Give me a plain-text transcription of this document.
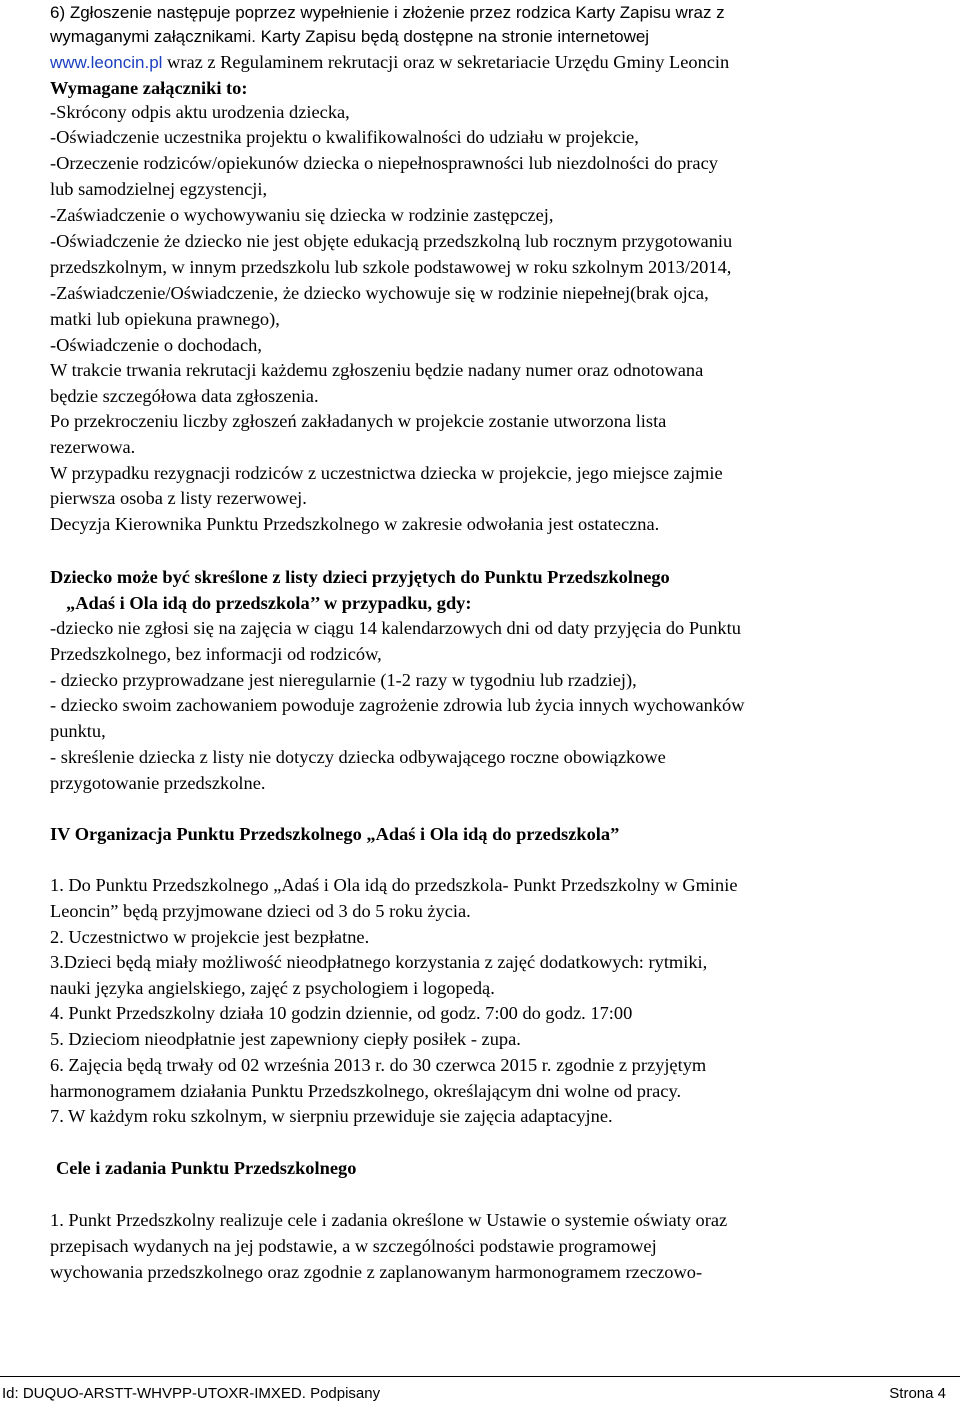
6) Zgłoszenie następuje poprzez wypełnienie i złożenie przez rodzica Karty Zapisu wraz z
wymaganymi załącznikami. Karty Zapisu będą dostępne na stronie internetowej
www.leoncin.pl wraz z Regulaminem rekrutacji oraz w sekretariacie Urzędu Gminy Leoncin
Wymagane załączniki to:
-Skrócony odpis aktu urodzenia dziecka,
-Oświadczenie uczestnika projektu o kwalifikowalności do udziału w projekcie,
-Orzeczenie rodziców/opiekunów dziecka o niepełnosprawności lub niezdolności do pracy
lub samodzielnej egzystencji,
-Zaświadczenie o wychowywaniu się dziecka w rodzinie zastępczej,
-Oświadczenie że dziecko nie jest objęte edukacją przedszkolną lub rocznym przygotowaniu
przedszkolnym, w innym przedszkolu lub szkole podstawowej w roku szkolnym 2013/2014,
-Zaświadczenie/Oświadczenie, że dziecko wychowuje się w rodzinie niepełnej(brak ojca,
matki lub opiekuna prawnego),
-Oświadczenie o dochodach,
W trakcie trwania rekrutacji każdemu zgłoszeniu będzie nadany numer oraz odnotowana
będzie szczegółowa data zgłoszenia.
Po przekroczeniu liczby zgłoszeń zakładanych w projekcie zostanie utworzona lista
rezerwowa.
W przypadku rezygnacji rodziców z uczestnictwa dziecka w projekcie, jego miejsce zajmie
pierwsza osoba z listy rezerwowej.
Decyzja Kierownika Punktu Przedszkolnego w zakresie odwołania jest ostateczna.
Dziecko może być skreślone z listy dzieci przyjętych do Punktu Przedszkolnego
„Adaś i Ola idą do przedszkola’’ w przypadku, gdy:
-dziecko nie zgłosi się na zajęcia w ciągu 14 kalendarzowych dni od daty przyjęcia do Punktu
Przedszkolnego, bez informacji od rodziców,
- dziecko przyprowadzane jest nieregularnie (1-2 razy w tygodniu lub rzadziej),
- dziecko swoim zachowaniem powoduje zagrożenie zdrowia lub życia innych wychowanków
punktu,
- skreślenie dziecka z listy nie dotyczy dziecka odbywającego roczne obowiązkowe
przygotowanie przedszkolne.
IV Organizacja Punktu Przedszkolnego „Adaś i Ola idą do przedszkola”
1. Do Punktu Przedszkolnego „Adaś i Ola idą do przedszkola- Punkt Przedszkolny w Gminie
Leoncin” będą przyjmowane dzieci od 3 do 5 roku życia.
2. Uczestnictwo w projekcie jest bezpłatne.
3.Dzieci będą miały możliwość nieodpłatnego korzystania z zajęć dodatkowych: rytmiki,
nauki języka angielskiego, zajęć z psychologiem i logopedą.
4. Punkt Przedszkolny działa 10 godzin dziennie, od godz. 7:00 do godz. 17:00
5. Dzieciom nieodpłatnie jest zapewniony ciepły posiłek - zupa.
6. Zajęcia będą trwały od 02 września 2013 r. do 30 czerwca 2015 r. zgodnie z przyjętym
harmonogramem działania Punktu Przedszkolnego, określającym dni wolne od pracy.
7. W każdym roku szkolnym, w sierpniu przewiduje sie zajęcia adaptacyjne.
Cele i zadania Punktu Przedszkolnego
1. Punkt Przedszkolny realizuje cele i zadania określone w Ustawie o systemie oświaty oraz
przepisach wydanych na jej podstawie, a w szczególności podstawie programowej
wychowania przedszkolnego oraz zgodnie z zaplanowanym harmonogramem rzeczowo-
Id: DUQUO-ARSTT-WHVPP-UTOXR-IMXED. Podpisany	Strona 4
